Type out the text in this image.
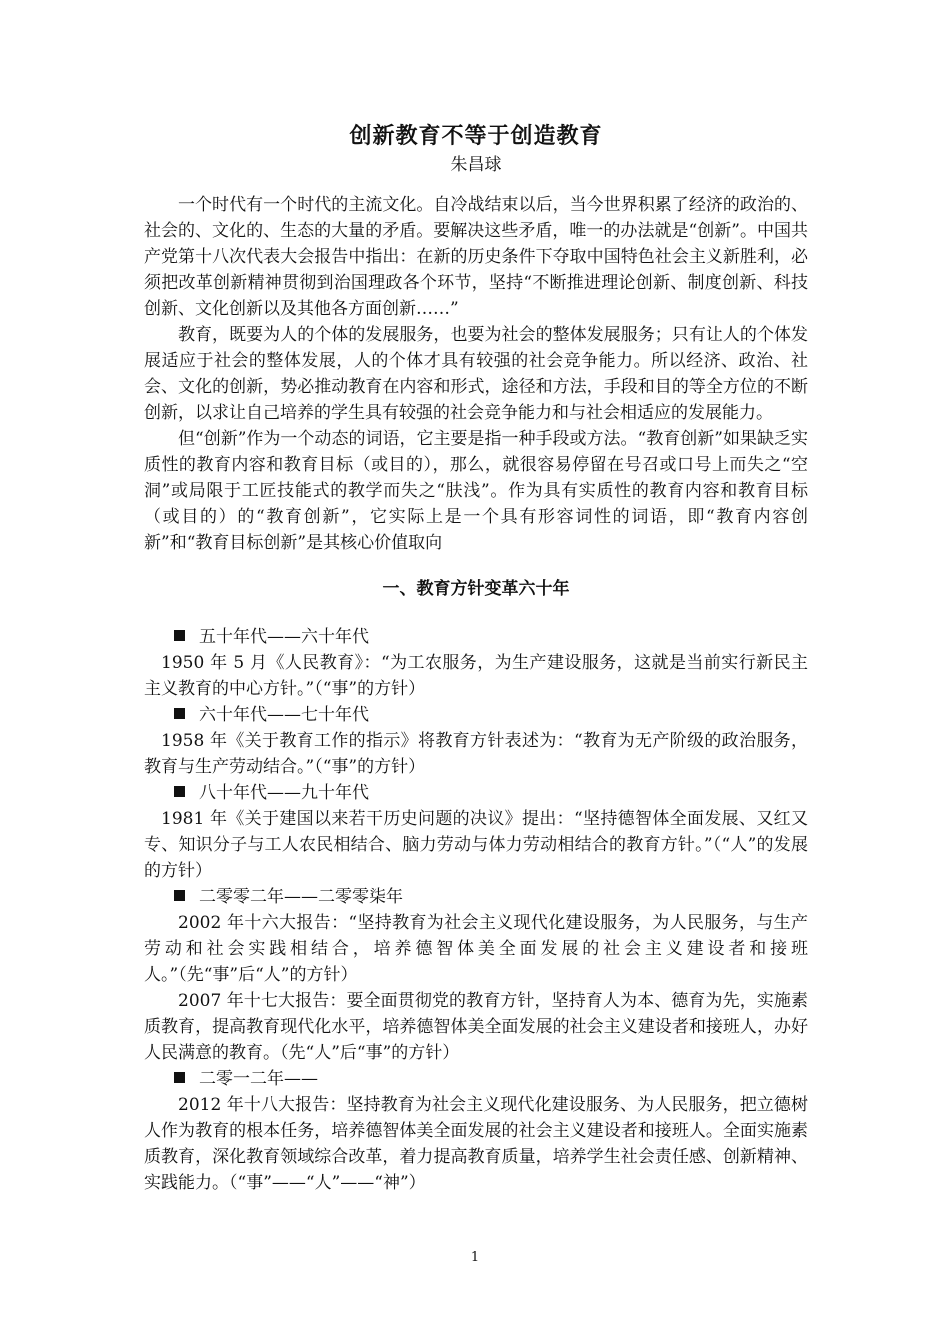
创新教育不等于创造教育
朱昌球

一个时代有一个时代的主流文化。自冷战结束以后，当今世界积累了经济的政治的、社会的、文化的、生态的大量的矛盾。要解决这些矛盾，唯一的办法就是“创新”。中国共产党第十八次代表大会报告中指出：在新的历史条件下夺取中国特色社会主义新胜利，必须把改革创新精神贯彻到治国理政各个环节，坚持“不断推进理论创新、制度创新、科技创新、文化创新以及其他各方面创新……”

教育，既要为人的个体的发展服务，也要为社会的整体发展服务；只有让人的个体发展适应于社会的整体发展，人的个体才具有较强的社会竞争能力。所以经济、政治、社会、文化的创新，势必推动教育在内容和形式，途径和方法，手段和目的等全方位的不断创新，以求让自己培养的学生具有较强的社会竞争能力和与社会相适应的发展能力。

但“创新”作为一个动态的词语，它主要是指一种手段或方法。“教育创新”如果缺乏实质性的教育内容和教育目标（或目的），那么，就很容易停留在号召或口号上而失之“空洞”或局限于工匠技能式的教学而失之“肤浅”。作为具有实质性的教育内容和教育目标（或目的）的“教育创新”，它实际上是一个具有形容词性的词语，即“教育内容创新”和“教育目标创新”是其核心价值取向

一、教育方针变革六十年
五十年代——六十年代

1950 年 5 月《人民教育》：“为工农服务，为生产建设服务，这就是当前实行新民主主义教育的中心方针。”（“事”的方针）

六十年代——七十年代

1958 年《关于教育工作的指示》将教育方针表述为：“教育为无产阶级的政治服务，教育与生产劳动结合。”（“事”的方针）

八十年代——九十年代

1981 年《关于建国以来若干历史问题的决议》提出：“坚持德智体全面发展、又红又专、知识分子与工人农民相结合、脑力劳动与体力劳动相结合的教育方针。”（“人”的发展的方针）

二零零二年——二零零柒年

2002 年十六大报告：“坚持教育为社会主义现代化建设服务，为人民服务，与生产劳动和社会实践相结合，培养德智体美全面发展的社会主义建设者和接班人。”（先“事”后“人”的方针）

2007 年十七大报告：要全面贯彻党的教育方针，坚持育人为本、德育为先，实施素质教育，提高教育现代化水平，培养德智体美全面发展的社会主义建设者和接班人，办好人民满意的教育。（先“人”后“事”的方针）

二零一二年——

2012 年十八大报告：坚持教育为社会主义现代化建设服务、为人民服务，把立德树人作为教育的根本任务，培养德智体美全面发展的社会主义建设者和接班人。全面实施素质教育，深化教育领域综合改革，着力提高教育质量，培养学生社会责任感、创新精神、实践能力。（“事”——“人”——“神”）

1
